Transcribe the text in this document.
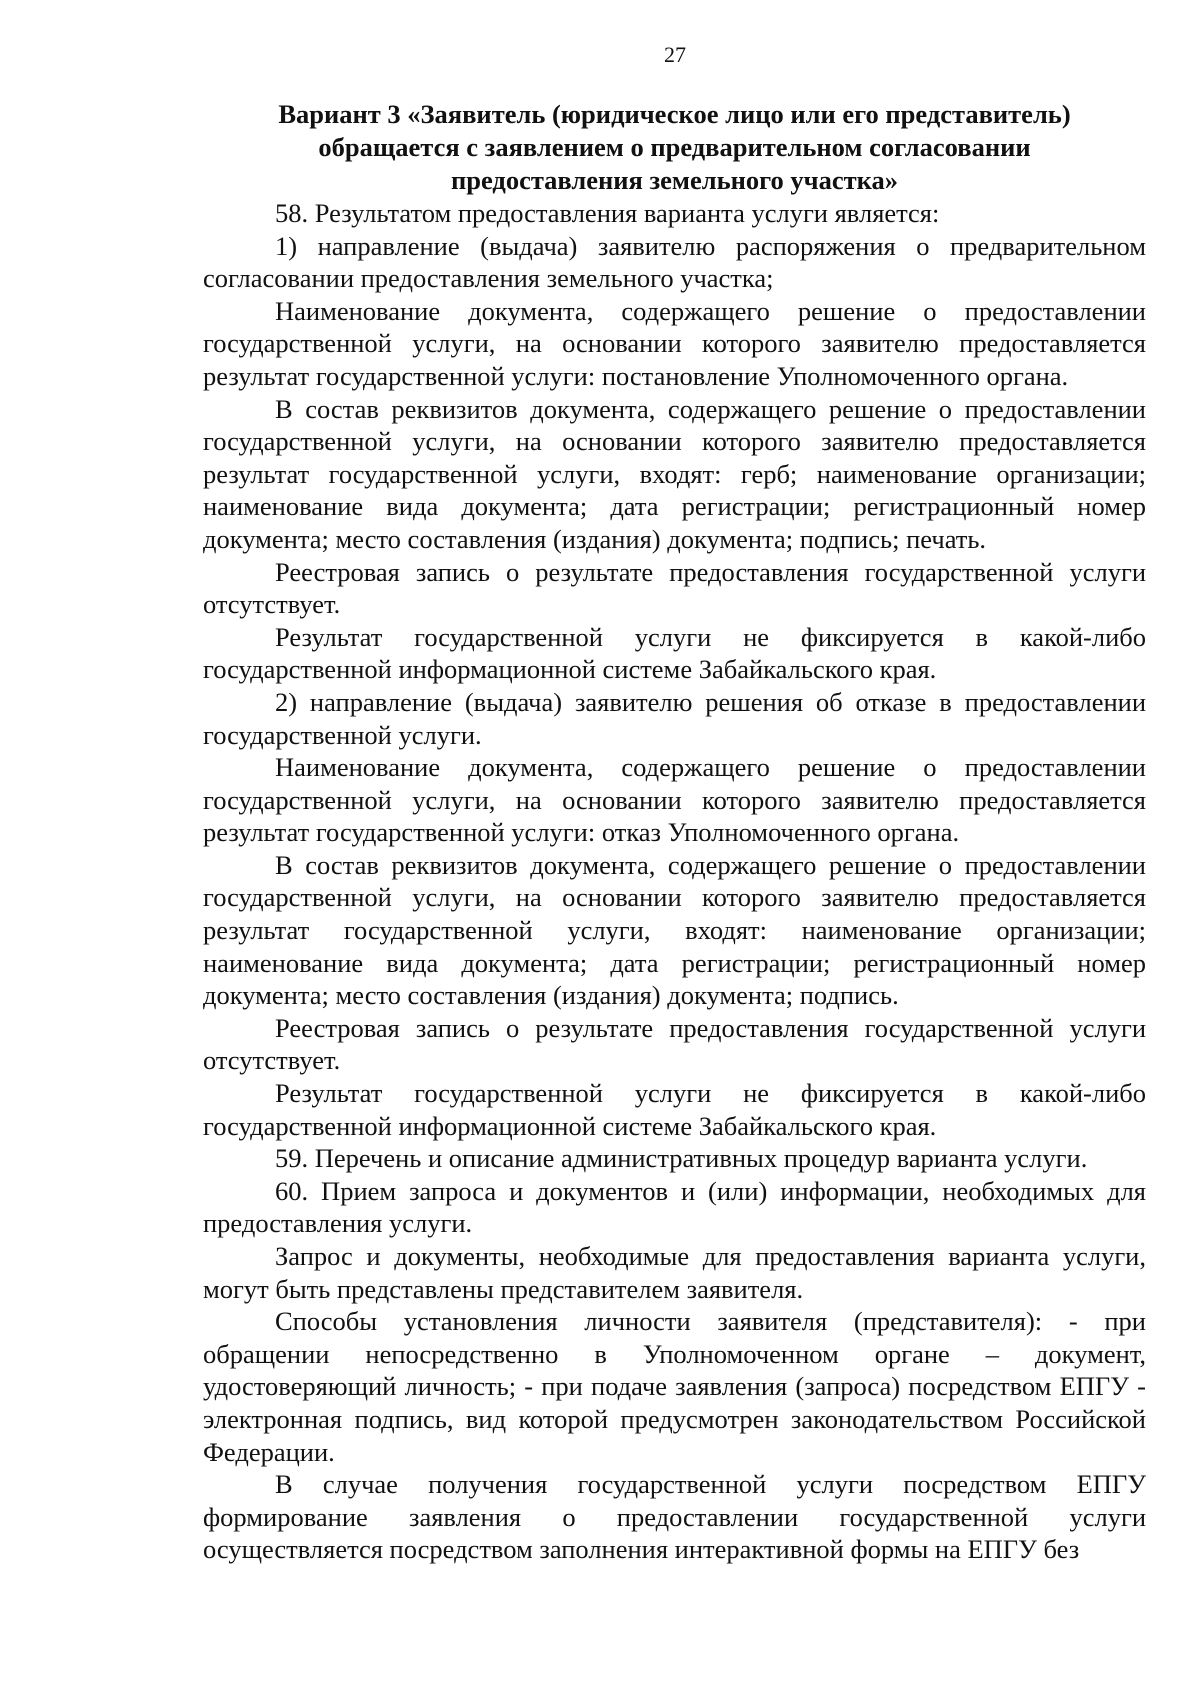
27
Вариант 3 «Заявитель (юридическое лицо или его представитель)
обращается с заявлением о предварительном согласовании
предоставления земельного участка»

58. Результатом предоставления варианта услуги является:

1) направление (выдача) заявителю распоряжения о предварительном согласовании предоставления земельного участка;

Наименование документа, содержащего решение о предоставлении государственной услуги, на основании которого заявителю предоставляется результат государственной услуги: постановление Уполномоченного органа.

В состав реквизитов документа, содержащего решение о предоставлении государственной услуги, на основании которого заявителю предоставляется результат государственной услуги, входят: герб; наименование организации; наименование вида документа; дата регистрации; регистрационный номер документа; место составления (издания) документа; подпись; печать.

Реестровая запись о результате предоставления государственной услуги отсутствует.

Результат государственной услуги не фиксируется в какой-либо государственной информационной системе Забайкальского края.

2) направление (выдача) заявителю решения об отказе в предоставлении государственной услуги.

Наименование документа, содержащего решение о предоставлении государственной услуги, на основании которого заявителю предоставляется результат государственной услуги: отказ Уполномоченного органа.

В состав реквизитов документа, содержащего решение о предоставлении государственной услуги, на основании которого заявителю предоставляется результат государственной услуги, входят: наименование организации; наименование вида документа; дата регистрации; регистрационный номер документа; место составления (издания) документа; подпись.

Реестровая запись о результате предоставления государственной услуги отсутствует.

Результат государственной услуги не фиксируется в какой-либо государственной информационной системе Забайкальского края.

59. Перечень и описание административных процедур варианта услуги.

60. Прием запроса и документов и (или) информации, необходимых для предоставления услуги.

Запрос и документы, необходимые для предоставления варианта услуги, могут быть представлены представителем заявителя.

Способы установления личности заявителя (представителя): - при обращении непосредственно в Уполномоченном органе – документ, удостоверяющий личность; - при подаче заявления (запроса) посредством ЕПГУ - электронная подпись, вид которой предусмотрен законодательством Российской Федерации.

В случае получения государственной услуги посредством ЕПГУ формирование заявления о предоставлении государственной услуги осуществляется посредством заполнения интерактивной формы на ЕПГУ без
